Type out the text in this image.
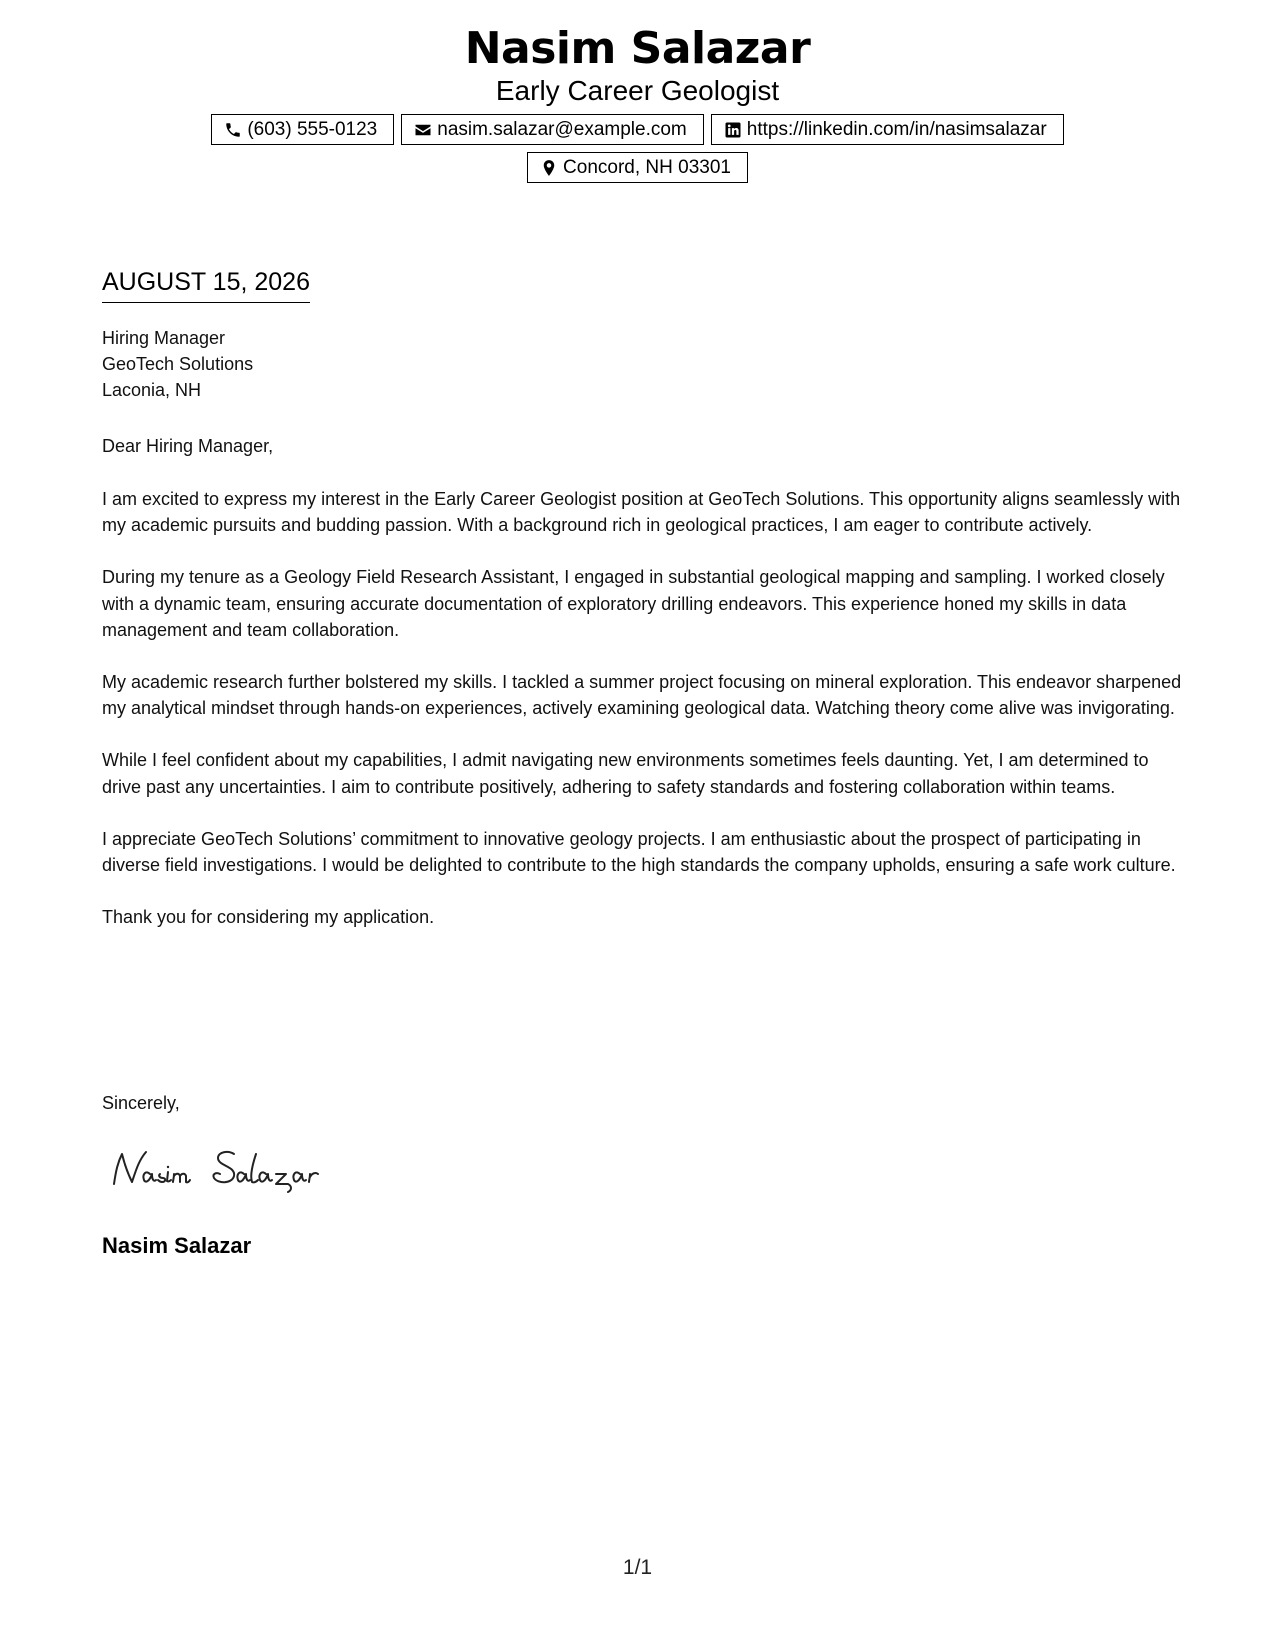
Nasim Salazar
Early Career Geologist
(603) 555-0123	nasim.salazar@example.com	https://linkedin.com/in/nasimsalazar
Concord, NH 03301
AUGUST 15, 2026
Hiring Manager
GeoTech Solutions
Laconia, NH
Dear Hiring Manager,

I am excited to express my interest in the Early Career Geologist position at GeoTech Solutions. This opportunity aligns seamlessly with my academic pursuits and budding passion. With a background rich in geological practices, I am eager to contribute actively.

During my tenure as a Geology Field Research Assistant, I engaged in substantial geological mapping and sampling. I worked closely with a dynamic team, ensuring accurate documentation of exploratory drilling endeavors. This experience honed my skills in data management and team collaboration.

My academic research further bolstered my skills. I tackled a summer project focusing on mineral exploration. This endeavor sharpened my analytical mindset through hands-on experiences, actively examining geological data. Watching theory come alive was invigorating.

While I feel confident about my capabilities, I admit navigating new environments sometimes feels daunting. Yet, I am determined to drive past any uncertainties. I aim to contribute positively, adhering to safety standards and fostering collaboration within teams.

I appreciate GeoTech Solutions’ commitment to innovative geology projects. I am enthusiastic about the prospect of participating in diverse field investigations. I would be delighted to contribute to the high standards the company upholds, ensuring a safe work culture.

Thank you for considering my application.

Sincerely,
Nasim Salazar
1/1
